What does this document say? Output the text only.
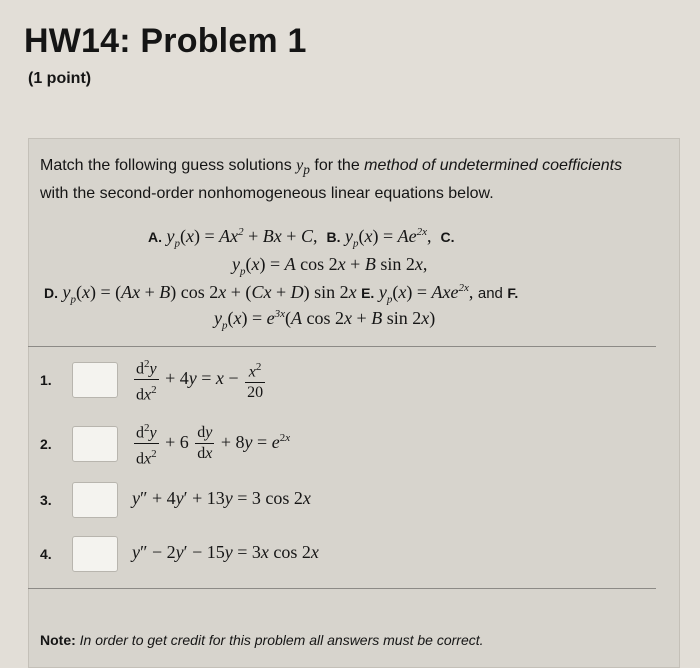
HW14: Problem 1
(1 point)
Match the following guess solutions $y_p$ for the method of undetermined coefficients with the second-order nonhomogeneous linear equations below.
A. $y_p(x) = Ax^2 + Bx + C$, B. $y_p(x) = Ae^{2x}$, C.
$y_p(x) = A$ cos 2x + B sin 2x,
D. $y_p(x) = (Ax + B)$ cos 2x + (Cx + D) sin 2x E. $y_p(x) = Axe^{2x}$, and F.
$y_p(x) = e^{3x}(A$ cos 2x + B sin 2x)
1.	$\frac{d^2y}{dx^2} + 4y = x - \frac{x^2}{20}$
2.	$\frac{d^2y}{dx^2} + 6 \frac{dy}{dx} + 8y = e^{2x}$
3.	y″ + 4y′ + 13y = 3 cos 2x
4.	y″ − 2y′ − 15y = 3x cos 2x
Note: In order to get credit for this problem all answers must be correct.
